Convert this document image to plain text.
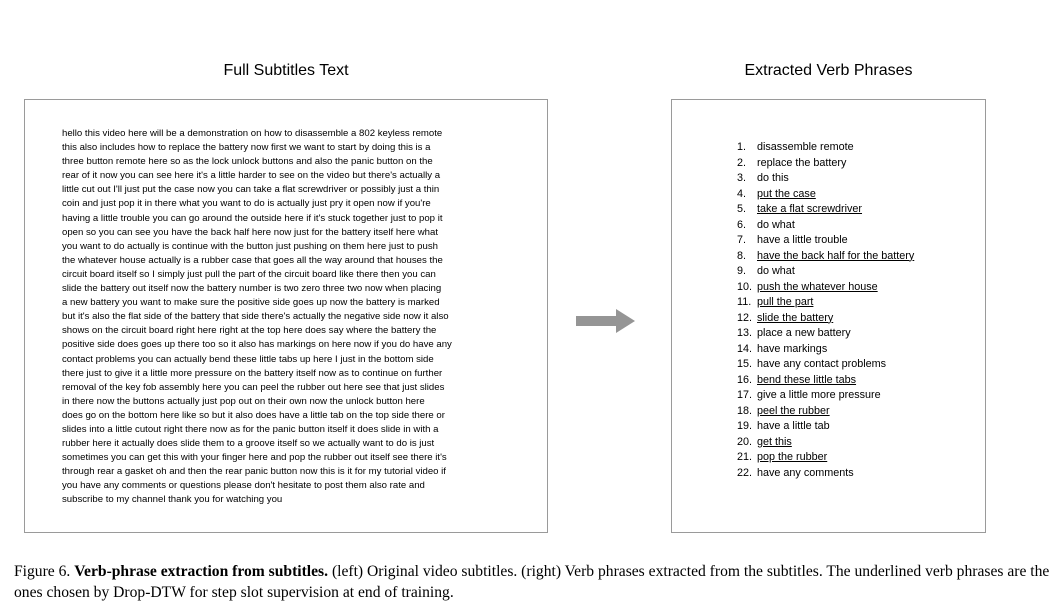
Full Subtitles Text	Extracted Verb Phrases

hello this video here will be a demonstration on how to disassemble a 802 keyless remote
this also includes how to replace the battery now first we want to start by doing this is a
three button remote here so as the lock unlock buttons and also the panic button on the
rear of it now you can see here it's a little harder to see on the video but there's actually a
little cut out I'll just put the case now you can take a flat screwdriver or possibly just a thin
coin and just pop it in there what you want to do is actually just pry it open now if you're
having a little trouble you can go around the outside here if it's stuck together just to pop it
open so you can see you have the back half here now just for the battery itself here what
you want to do actually is continue with the button just pushing on them here just to push
the whatever house actually is a rubber case that goes all the way around that houses the
circuit board itself so I simply just pull the part of the circuit board like there then you can
slide the battery out itself now the battery number is two zero three two now when placing
a new battery you want to make sure the positive side goes up now the battery is marked
but it's also the flat side of the battery that side there's actually the negative side now it also
shows on the circuit board right here right at the top here does say where the battery the
positive side does goes up there too so it also has markings on here now if you do have any
contact problems you can actually bend these little tabs up here I just in the bottom side
there just to give it a little more pressure on the battery itself now as to continue on further
removal of the key fob assembly here you can peel the rubber out here see that just slides
in there now the buttons actually just pop out on their own now the unlock button here
does go on the bottom here like so but it also does have a little tab on the top side there or
slides into a little cutout right there now as for the panic button itself it does slide in with a
rubber here it actually does slide them to a groove itself so we actually want to do is just
sometimes you can get this with your finger here and pop the rubber out itself see there it's
through rear a gasket oh and then the rear panic button now this is it for my tutorial video if
you have any comments or questions please don't hesitate to post them also rate and
subscribe to my channel thank you for watching you

1.	disassemble remote
2.	replace the battery
3.	do this
4.	put the case
5.	take a flat screwdriver
6.	do what
7.	have a little trouble
8.	have the back half for the battery
9.	do what
10. push the whatever house
11. pull the part
12. slide the battery
13. place a new battery
14. have markings
15. have any contact problems
16. bend these little tabs
17. give a little more pressure
18. peel the rubber
19. have a little tab
20. get this
21. pop the rubber
22. have any comments

Figure 6. Verb-phrase extraction from subtitles. (left) Original video subtitles. (right) Verb phrases extracted from the subtitles. The underlined verb phrases are the ones chosen by Drop-DTW for step slot supervision at end of training.
